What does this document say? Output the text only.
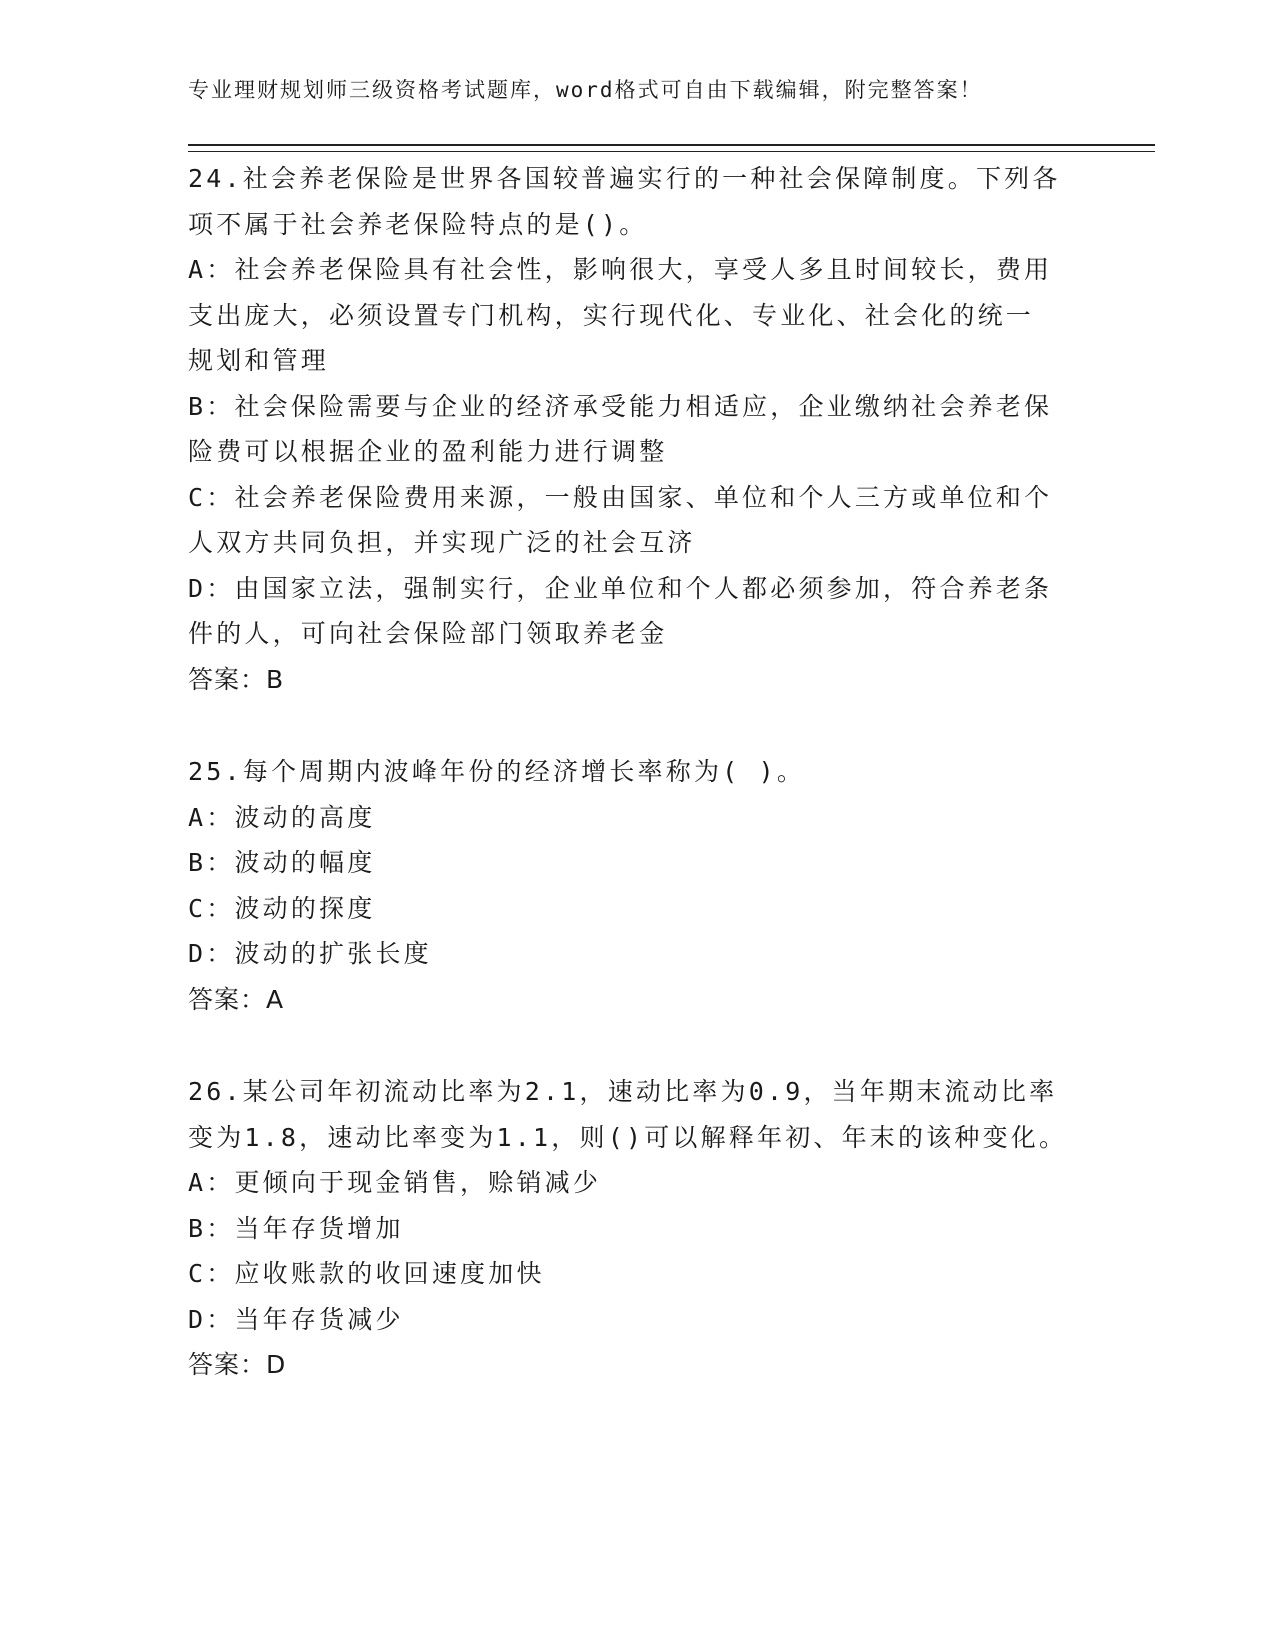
专业理财规划师三级资格考试题库，word格式可自由下载编辑，附完整答案！
24.社会养老保险是世界各国较普遍实行的一种社会保障制度。下列各
项不属于社会养老保险特点的是()。
A：社会养老保险具有社会性，影响很大，享受人多且时间较长，费用
支出庞大，必须设置专门机构，实行现代化、专业化、社会化的统一
规划和管理
B：社会保险需要与企业的经济承受能力相适应，企业缴纳社会养老保
险费可以根据企业的盈利能力进行调整
C：社会养老保险费用来源，一般由国家、单位和个人三方或单位和个
人双方共同负担，并实现广泛的社会互济
D：由国家立法，强制实行，企业单位和个人都必须参加，符合养老条
件的人，可向社会保险部门领取养老金
答案：B
25.每个周期内波峰年份的经济增长率称为( )。
A：波动的高度
B：波动的幅度
C：波动的探度
D：波动的扩张长度
答案：A
26.某公司年初流动比率为2.1，速动比率为0.9，当年期末流动比率
变为1.8，速动比率变为1.1，则()可以解释年初、年末的该种变化。
A：更倾向于现金销售，赊销减少
B：当年存货增加
C：应收账款的收回速度加快
D：当年存货减少
答案：D
